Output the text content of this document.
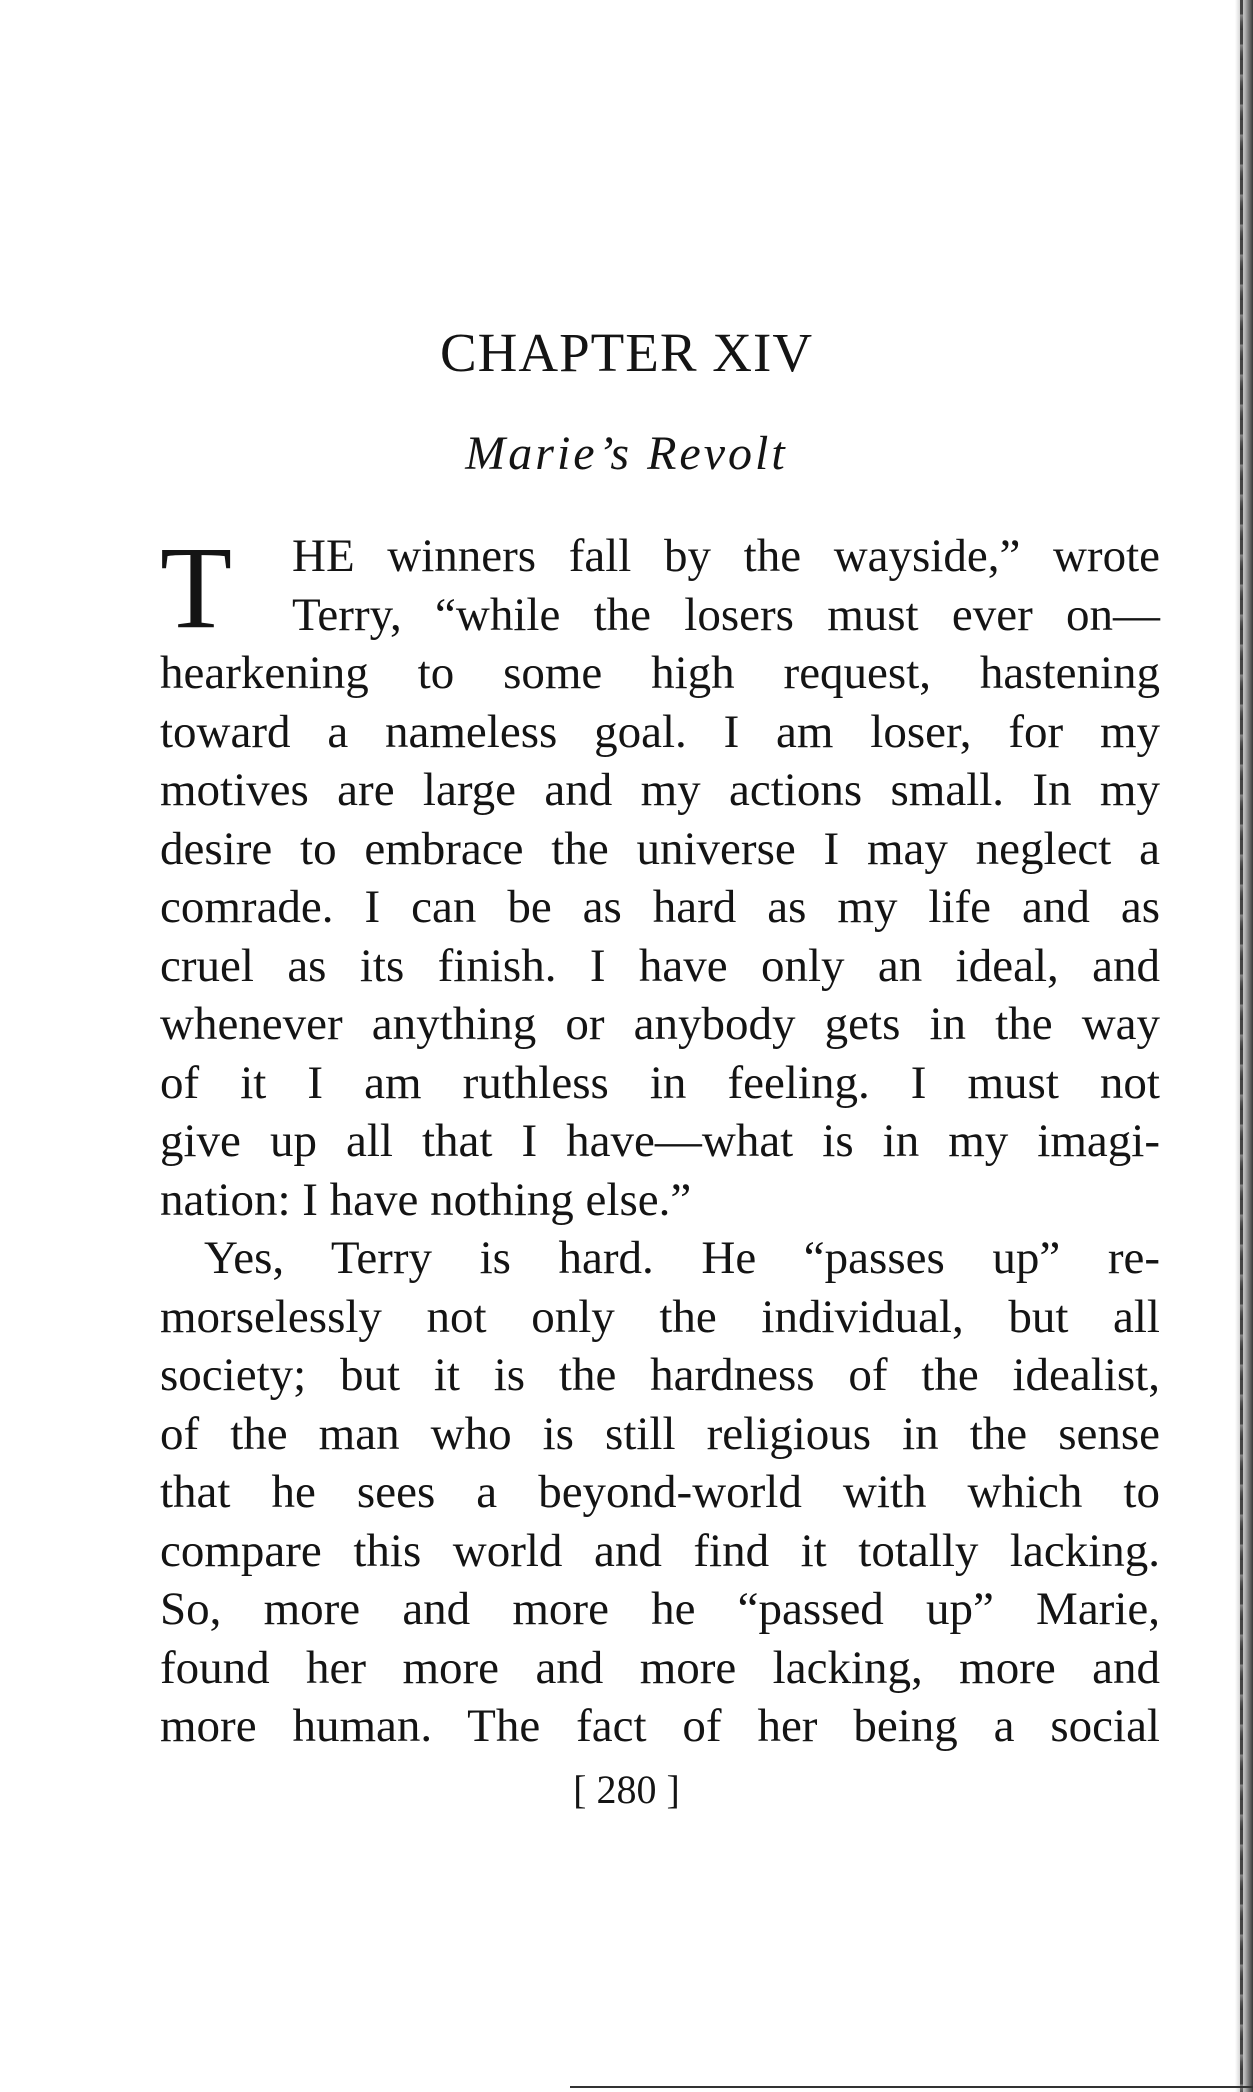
CHAPTER XIV
Marie’s Revolt
T	HE winners fall by the wayside,” wrote
Terry, “while the losers must ever on—
hearkening to some high request, hastening
toward a nameless goal. I am loser, for my
motives are large and my actions small. In my
desire to embrace the universe I may neglect a
comrade. I can be as hard as my life and as
cruel as its finish. I have only an ideal, and
whenever anything or anybody gets in the way
of it I am ruthless in feeling. I must not
give up all that I have—what is in my imagi-
nation: I have nothing else.”
Yes, Terry is hard. He “passes up” re-
morselessly not only the individual, but all
society; but it is the hardness of the idealist,
of the man who is still religious in the sense
that he sees a beyond-world with which to
compare this world and find it totally lacking.
So, more and more he “passed up” Marie,
found her more and more lacking, more and
more human. The fact of her being a social
[ 280 ]
